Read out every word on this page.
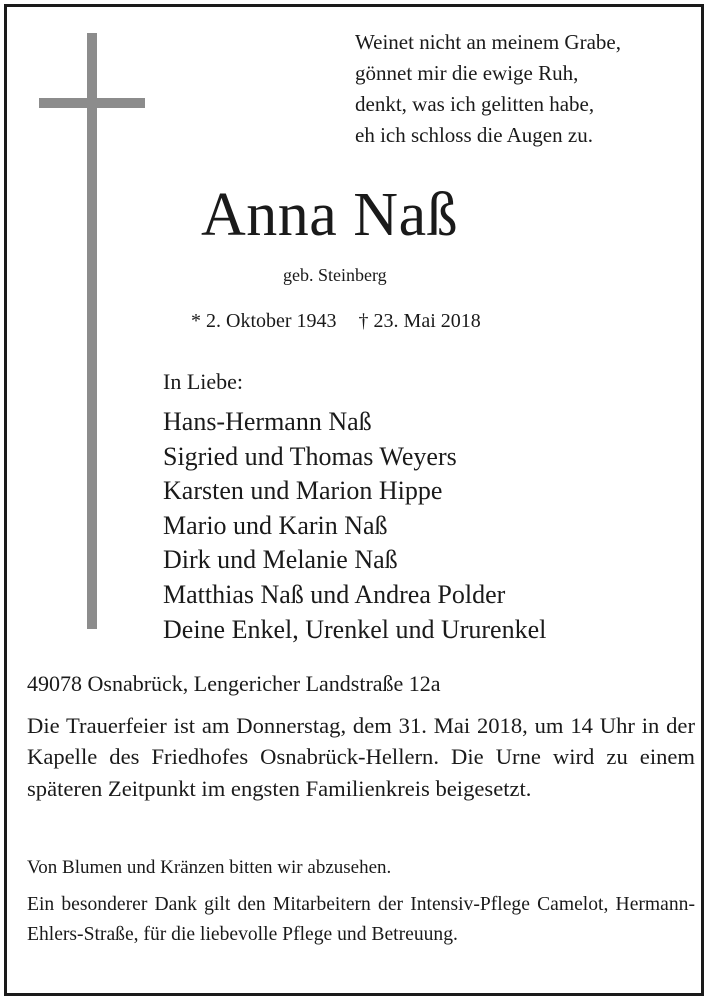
Weinet nicht an meinem Grabe,
gönnet mir die ewige Ruh,
denkt, was ich gelitten habe,
eh ich schloss die Augen zu.
Anna Naß
geb. Steinberg
* 2. Oktober 1943 † 23. Mai 2018
In Liebe:
Hans-Hermann Naß
Sigried und Thomas Weyers
Karsten und Marion Hippe
Mario und Karin Naß
Dirk und Melanie Naß
Matthias Naß und Andrea Polder
Deine Enkel, Urenkel und Ururenkel
49078 Osnabrück, Lengericher Landstraße 12a
Die Trauerfeier ist am Donnerstag, dem 31. Mai 2018, um 14 Uhr in der Kapelle des Friedhofes Osnabrück-Hellern. Die Urne wird zu einem späteren Zeitpunkt im engsten Familienkreis beigesetzt.
Von Blumen und Kränzen bitten wir abzusehen.
Ein besonderer Dank gilt den Mitarbeitern der Intensiv-Pflege Camelot, Hermann-Ehlers-Straße, für die liebevolle Pflege und Betreuung.
